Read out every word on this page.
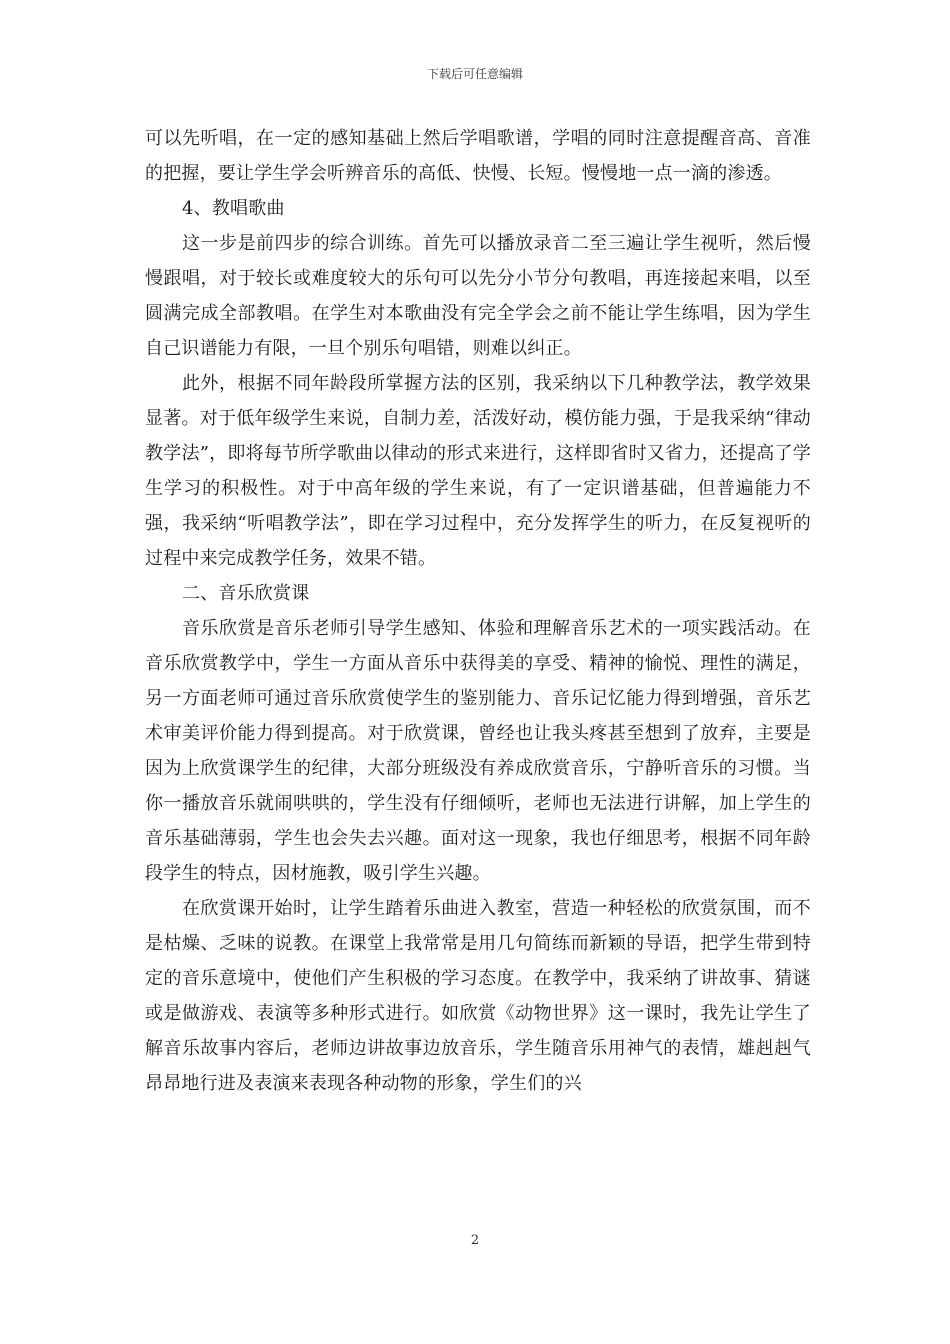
下载后可任意编辑

可以先听唱，在一定的感知基础上然后学唱歌谱，学唱的同时注意提醒音高、音准的把握，要让学生学会听辨音乐的高低、快慢、长短。慢慢地一点一滴的渗透。

4、教唱歌曲

这一步是前四步的综合训练。首先可以播放录音二至三遍让学生视听，然后慢慢跟唱，对于较长或难度较大的乐句可以先分小节分句教唱，再连接起来唱，以至圆满完成全部教唱。在学生对本歌曲没有完全学会之前不能让学生练唱，因为学生自己识谱能力有限，一旦个别乐句唱错，则难以纠正。

此外，根据不同年龄段所掌握方法的区别，我采纳以下几种教学法，教学效果显著。对于低年级学生来说，自制力差，活泼好动，模仿能力强，于是我采纳“律动教学法”，即将每节所学歌曲以律动的形式来进行，这样即省时又省力，还提高了学生学习的积极性。对于中高年级的学生来说，有了一定识谱基础，但普遍能力不强，我采纳“听唱教学法”，即在学习过程中，充分发挥学生的听力，在反复视听的过程中来完成教学任务，效果不错。

二、音乐欣赏课

音乐欣赏是音乐老师引导学生感知、体验和理解音乐艺术的一项实践活动。在音乐欣赏教学中，学生一方面从音乐中获得美的享受、精神的愉悦、理性的满足，另一方面老师可通过音乐欣赏使学生的鉴别能力、音乐记忆能力得到增强，音乐艺术审美评价能力得到提高。对于欣赏课，曾经也让我头疼甚至想到了放弃，主要是因为上欣赏课学生的纪律，大部分班级没有养成欣赏音乐，宁静听音乐的习惯。当你一播放音乐就闹哄哄的，学生没有仔细倾听，老师也无法进行讲解，加上学生的音乐基础薄弱，学生也会失去兴趣。面对这一现象，我也仔细思考，根据不同年龄段学生的特点，因材施教，吸引学生兴趣。

在欣赏课开始时，让学生踏着乐曲进入教室，营造一种轻松的欣赏氛围，而不是枯燥、乏味的说教。在课堂上我常常是用几句简练而新颖的导语，把学生带到特定的音乐意境中，使他们产生积极的学习态度。在教学中，我采纳了讲故事、猜谜或是做游戏、表演等多种形式进行。如欣赏《动物世界》这一课时，我先让学生了解音乐故事内容后，老师边讲故事边放音乐，学生随音乐用神气的表情，雄赳赳气昂昂地行进及表演来表现各种动物的形象，学生们的兴

2
